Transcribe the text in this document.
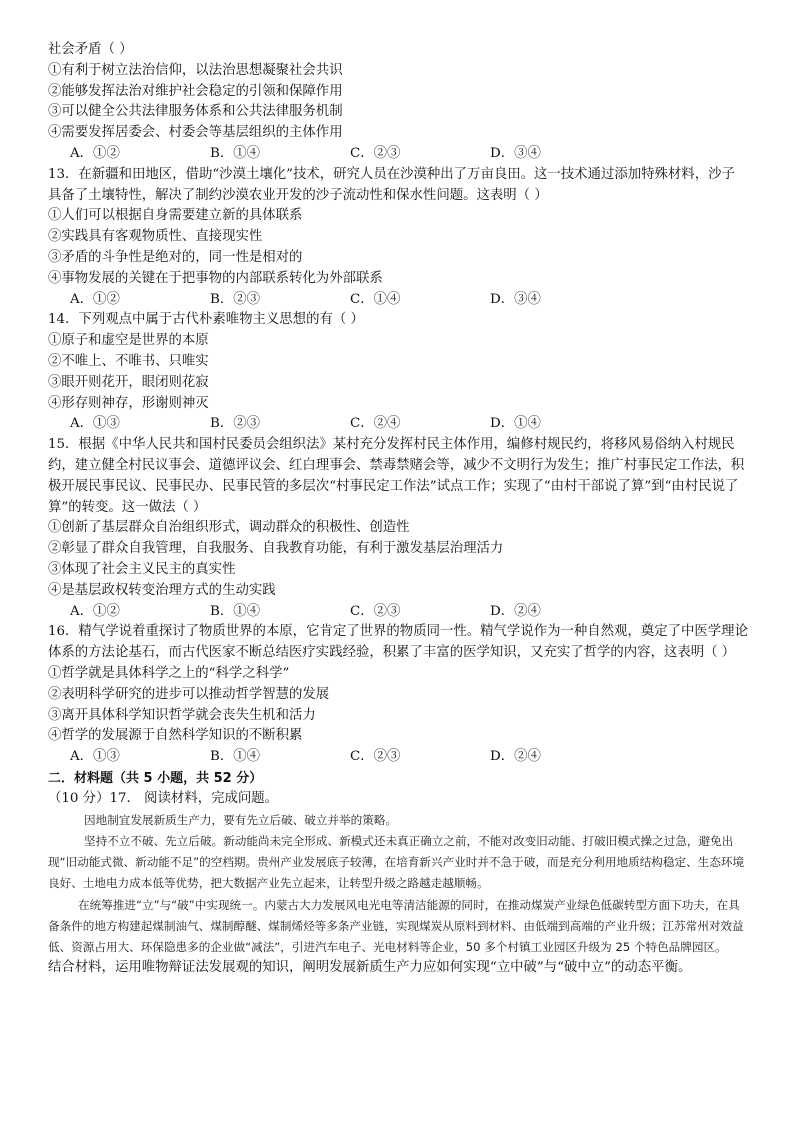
社会矛盾（ ）
①有利于树立法治信仰，以法治思想凝聚社会共识
②能够发挥法治对维护社会稳定的引领和保障作用
③可以健全公共法律服务体系和公共法律服务机制
④需要发挥居委会、村委会等基层组织的主体作用
A．①②	B．①④	C．②③	D．③④
13．在新疆和田地区，借助“沙漠土壤化”技术，研究人员在沙漠种出了万亩良田。这一技术通过添加特殊材料，沙子具备了土壤特性，解决了制约沙漠农业开发的沙子流动性和保水性问题。这表明（ ）
①人们可以根据自身需要建立新的具体联系
②实践具有客观物质性、直接现实性
③矛盾的斗争性是绝对的，同一性是相对的
④事物发展的关键在于把事物的内部联系转化为外部联系
A．①②	B．②③	C．①④	D．③④
14．下列观点中属于古代朴素唯物主义思想的有（ ）
①原子和虚空是世界的本原
②不唯上、不唯书、只唯实
③眼开则花开，眼闭则花寂
④形存则神存，形谢则神灭
A．①③	B．②③	C．②④	D．①④
15．根据《中华人民共和国村民委员会组织法》某村充分发挥村民主体作用，编修村规民约，将移风易俗纳入村规民约，建立健全村民议事会、道德评议会、红白理事会、禁毒禁赌会等，减少不文明行为发生；推广村事民定工作法，积极开展民事民议、民事民办、民事民管的多层次“村事民定工作法”试点工作；实现了“由村干部说了算”到“由村民说了算”的转变。这一做法（ ）
①创新了基层群众自治组织形式，调动群众的积极性、创造性
②彰显了群众自我管理，自我服务、自我教育功能，有利于激发基层治理活力
③体现了社会主义民主的真实性
④是基层政权转变治理方式的生动实践
A．①②	B．①④	C．②③	D．②④
16．精气学说着重探讨了物质世界的本原，它肯定了世界的物质同一性。精气学说作为一种自然观，奠定了中医学理论体系的方法论基石，而古代医家不断总结医疗实践经验，积累了丰富的医学知识，又充实了哲学的内容，这表明（ ）
①哲学就是具体科学之上的“科学之科学”
②表明科学研究的进步可以推动哲学智慧的发展
③离开具体科学知识哲学就会丧失生机和活力
④哲学的发展源于自然科学知识的不断积累
A．①③	B．①④	C．②③	D．②④
二．材料题（共 5 小题，共 52 分）
（10 分）17． 阅读材料，完成问题。
因地制宜发展新质生产力，要有先立后破、破立并举的策略。
坚持不立不破、先立后破。新动能尚未完全形成、新模式还未真正确立之前，不能对改变旧动能、打破旧模式操之过急，避免出现“旧动能式微、新动能不足”的空档期。贵州产业发展底子较薄，在培育新兴产业时并不急于破，而是充分利用地质结构稳定、生态环境良好、土地电力成本低等优势，把大数据产业先立起来，让转型升级之路越走越顺畅。
在统筹推进“立”与“破”中实现统一。内蒙古大力发展风电光电等清洁能源的同时，在推动煤炭产业绿色低碳转型方面下功夫，在具备条件的地方构建起煤制油气、煤制醇醚、煤制烯烃等多条产业链，实现煤炭从原料到材料、由低端到高端的产业升级；江苏常州对效益低、资源占用大、环保隐患多的企业做“减法”，引进汽车电子、光电材料等企业，50 多个村镇工业园区升级为 25 个特色品牌园区。
结合材料，运用唯物辩证法发展观的知识，阐明发展新质生产力应如何实现“立中破”与“破中立”的动态平衡。
